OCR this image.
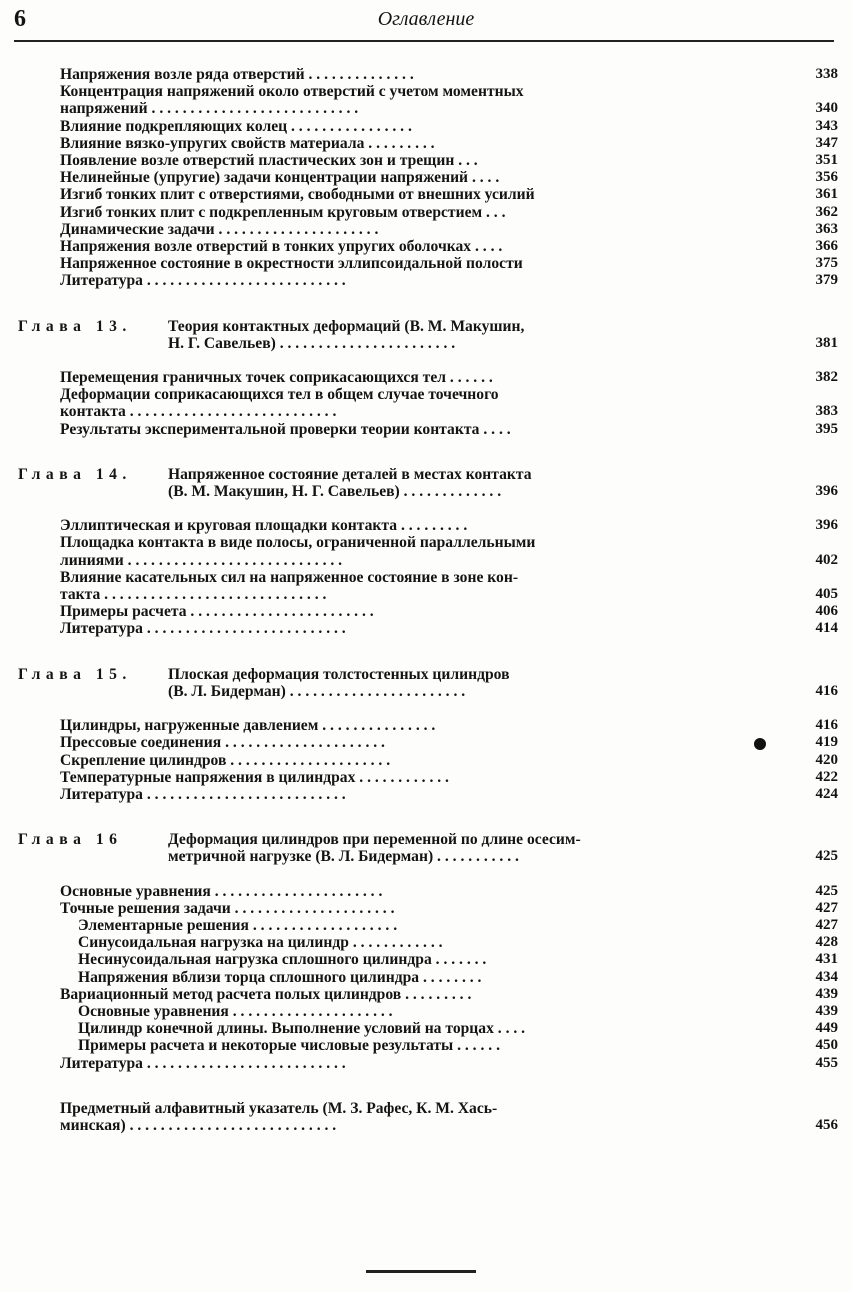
6	Оглавление
Напряжения возле ряда отверстий . . . . . . . . . . . . . .	338
Концентрация напряжений около отверстий с учетом моментных
напряжений . . . . . . . . . . . . . . . . . . . . . . . . . . .	340
Влияние подкрепляющих колец . . . . . . . . . . . . . . . .	343
Влияние вязко-упругих свойств материала . . . . . . . . .	347
Появление возле отверстий пластических зон и трещин . . .	351
Нелинейные (упругие) задачи концентрации напряжений . . . .	356
Изгиб тонких плит с отверстиями, свободными от внешних усилий	361
Изгиб тонких плит с подкрепленным круговым отверстием . . .	362
Динамические задачи . . . . . . . . . . . . . . . . . . . . .	363
Напряжения возле отверстий в тонких упругих оболочках . . . .	366
Напряженное состояние в окрестности эллипсоидальной полости	375
Литература . . . . . . . . . . . . . . . . . . . . . . . . . .	379
Глава 13. Теория контактных деформаций (В. М. Макушин,
Н. Г. Савельев) . . . . . . . . . . . . . . . . . . . . . . .	381
Перемещения граничных точек соприкасающихся тел . . . . . .	382
Деформации соприкасающихся тел в общем случае точечного
контакта . . . . . . . . . . . . . . . . . . . . . . . . . . .	383
Результаты экспериментальной проверки теории контакта . . . .	395
Глава 14. Напряженное состояние деталей в местах контакта
(В. М. Макушин, Н. Г. Савельев) . . . . . . . . . . . . .	396
Эллиптическая и круговая площадки контакта . . . . . . . . .	396
Площадка контакта в виде полосы, ограниченной параллельными
линиями . . . . . . . . . . . . . . . . . . . . . . . . . . . .	402
Влияние касательных сил на напряженное состояние в зоне кон-
такта . . . . . . . . . . . . . . . . . . . . . . . . . . . . .	405
Примеры расчета . . . . . . . . . . . . . . . . . . . . . . . .	406
Литература . . . . . . . . . . . . . . . . . . . . . . . . . .	414
Глава 15. Плоская деформация толстостенных цилиндров
(В. Л. Бидерман) . . . . . . . . . . . . . . . . . . . . . . .	416
Цилиндры, нагруженные давлением . . . . . . . . . . . . . . .	416
Прессовые соединения . . . . . . . . . . . . . . . . . . . . .	419
Скрепление цилиндров . . . . . . . . . . . . . . . . . . . . .	420
Температурные напряжения в цилиндрах . . . . . . . . . . . .	422
Литература . . . . . . . . . . . . . . . . . . . . . . . . . .	424
Глава 16	Деформация цилиндров при переменной по длине осесим-
метричной нагрузке (В. Л. Бидерман) . . . . . . . . . . .	425
Основные уравнения . . . . . . . . . . . . . . . . . . . . . .	425
Точные решения задачи . . . . . . . . . . . . . . . . . . . . .	427
Элементарные решения . . . . . . . . . . . . . . . . . . .	427
Синусоидальная нагрузка на цилиндр . . . . . . . . . . . .	428
Несинусоидальная нагрузка сплошного цилиндра . . . . . . .	431
Напряжения вблизи торца сплошного цилиндра . . . . . . . .	434
Вариационный метод расчета полых цилиндров . . . . . . . . .	439
Основные уравнения . . . . . . . . . . . . . . . . . . . . .	439
Цилиндр конечной длины. Выполнение условий на торцах . . . .	449
Примеры расчета и некоторые числовые результаты . . . . . .	450
Литература . . . . . . . . . . . . . . . . . . . . . . . . . .	455
Предметный алфавитный указатель (М. З. Рафес, К. М. Хась-
минская) . . . . . . . . . . . . . . . . . . . . . . . . . . .	456
